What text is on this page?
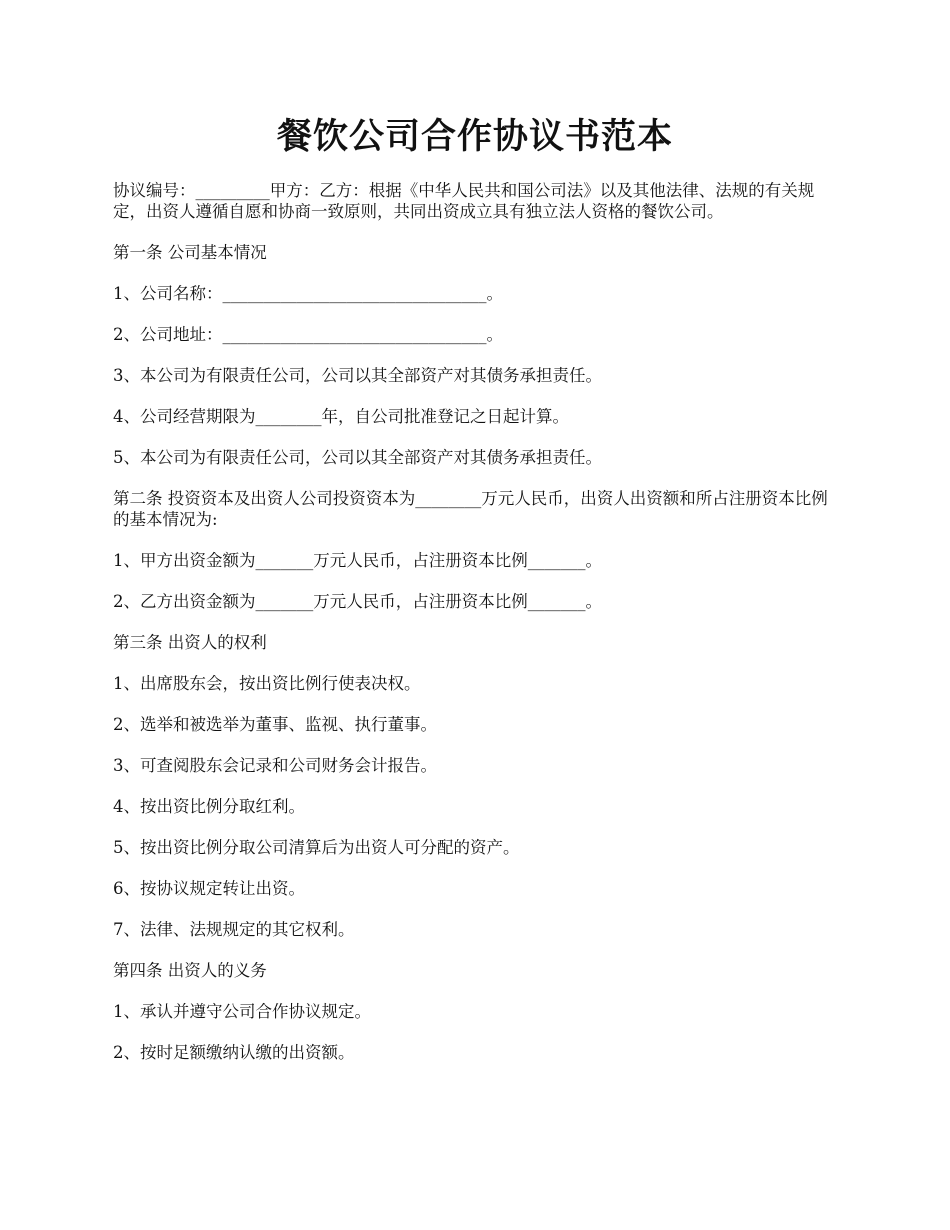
餐饮公司合作协议书范本

协议编号：_________甲方：乙方：根据《中华人民共和国公司法》以及其他法律、法规的有关规定，出资人遵循自愿和协商一致原则，共同出资成立具有独立法人资格的餐饮公司。

第一条 公司基本情况

1、公司名称：________________________________。

2、公司地址：________________________________。

3、本公司为有限责任公司，公司以其全部资产对其债务承担责任。

4、公司经营期限为________年，自公司批准登记之日起计算。

5、本公司为有限责任公司，公司以其全部资产对其债务承担责任。

第二条 投资资本及出资人公司投资资本为________万元人民币，出资人出资额和所占注册资本比例的基本情况为:

1、甲方出资金额为_______万元人民币，占注册资本比例_______。

2、乙方出资金额为_______万元人民币，占注册资本比例_______。

第三条 出资人的权利

1、出席股东会，按出资比例行使表决权。

2、选举和被选举为董事、监视、执行董事。

3、可查阅股东会记录和公司财务会计报告。

4、按出资比例分取红利。

5、按出资比例分取公司清算后为出资人可分配的资产。

6、按协议规定转让出资。

7、法律、法规规定的其它权利。

第四条 出资人的义务

1、承认并遵守公司合作协议规定。

2、按时足额缴纳认缴的出资额。
